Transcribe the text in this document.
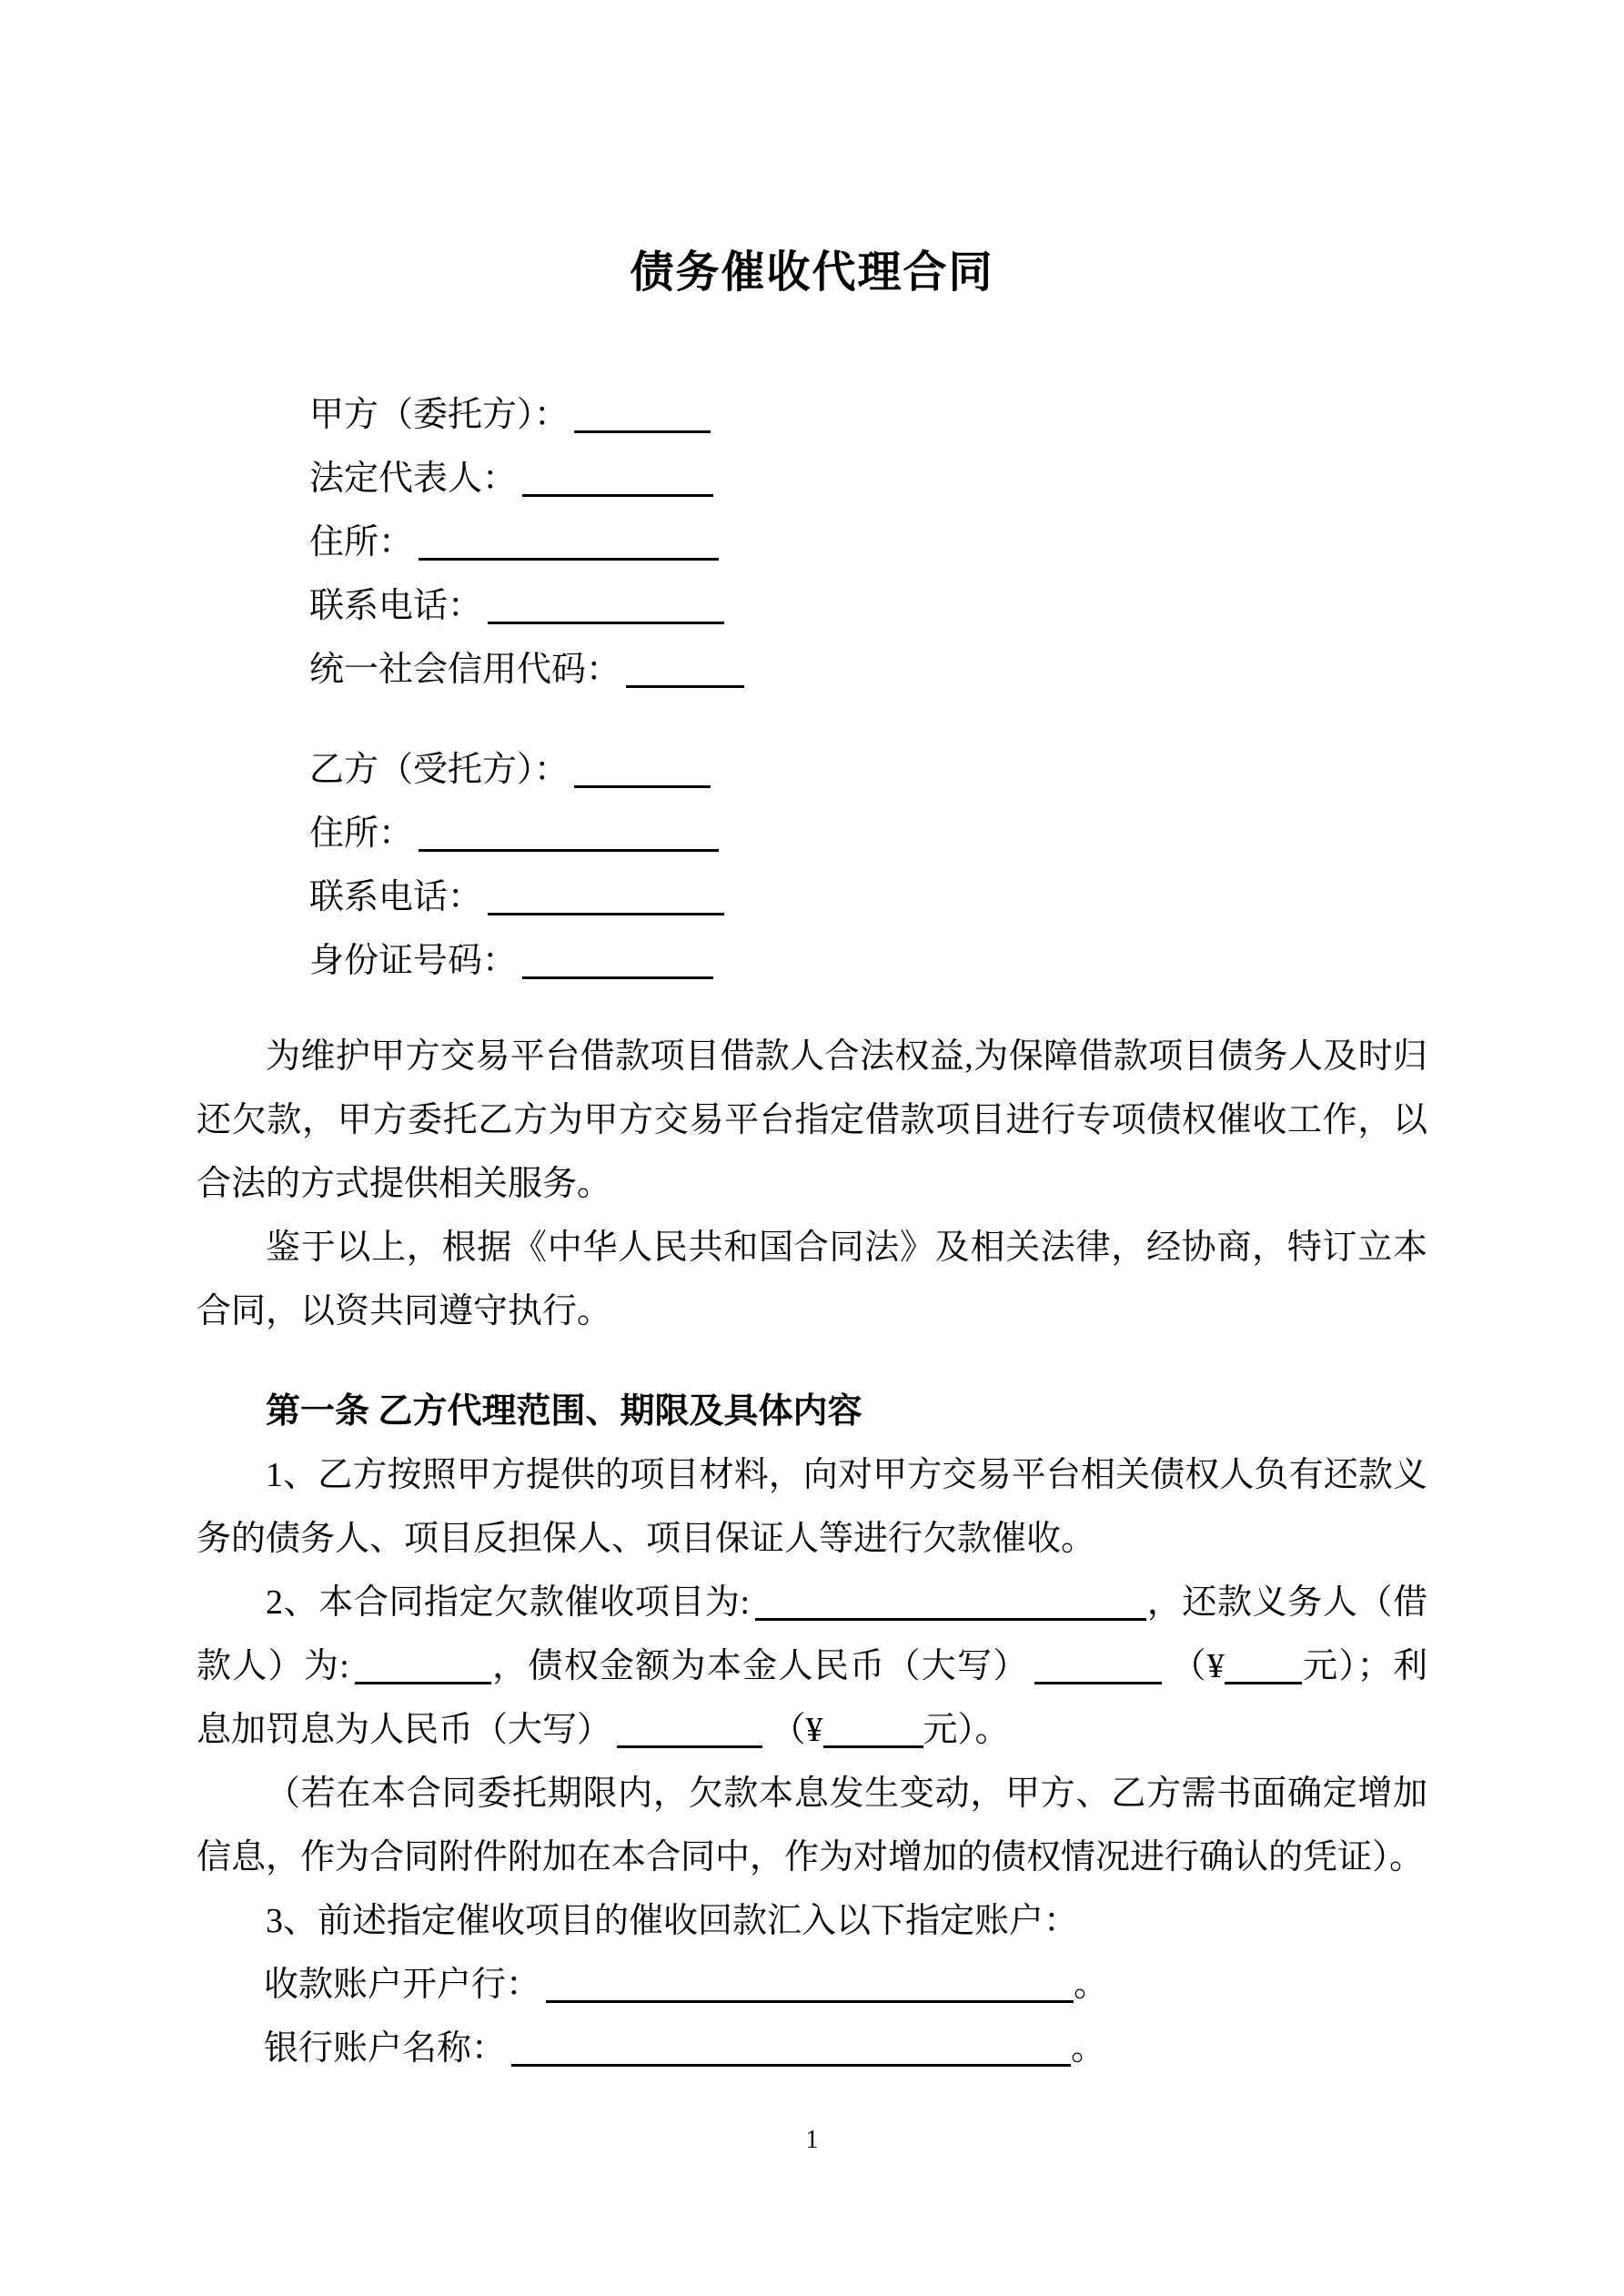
债务催收代理合同
甲方（委托方）：
法定代表人：
住所：
联系电话：
统一社会信用代码：
乙方（受托方）：
住所：
联系电话：
身份证号码：

为维护甲方交易平台借款项目借款人合法权益,为保障借款项目债务人及时归还欠款，甲方委托乙方为甲方交易平台指定借款项目进行专项债权催收工作，以合法的方式提供相关服务。

鉴于以上，根据《中华人民共和国合同法》及相关法律，经协商，特订立本合同，以资共同遵守执行。

第一条 乙方代理范围、期限及具体内容

1、乙方按照甲方提供的项目材料，向对甲方交易平台相关债权人负有还款义务的债务人、项目反担保人、项目保证人等进行欠款催收。

2、本合同指定欠款催收项目为:	，还款义务人（借款人）为:	，债权金额为本金人民币（大写）	（¥ 元）；利息加罚息为人民币（大写）	（¥	元）。

（若在本合同委托期限内，欠款本息发生变动，甲方、乙方需书面确定增加信息，作为合同附件附加在本合同中，作为对增加的债权情况进行确认的凭证）。

3、前述指定催收项目的催收回款汇入以下指定账户：

收款账户开户行：	。
银行账户名称：	。
1
